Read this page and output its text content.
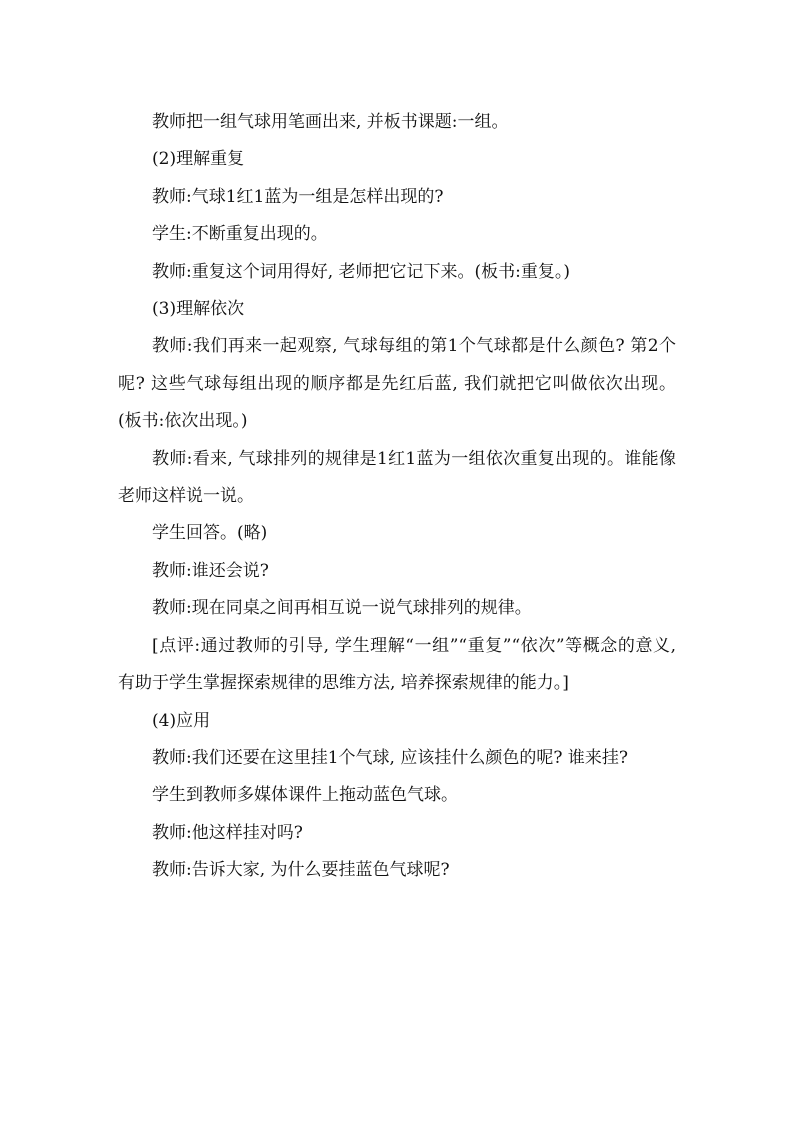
教师把一组气球用笔画出来, 并板书课题:一组。

(2)理解重复

教师:气球1红1蓝为一组是怎样出现的?

学生:不断重复出现的。

教师:重复这个词用得好, 老师把它记下来。(板书:重复。)

(3)理解依次

教师:我们再来一起观察, 气球每组的第1个气球都是什么颜色? 第2个呢? 这些气球每组出现的顺序都是先红后蓝, 我们就把它叫做依次出现。(板书:依次出现。)

教师:看来, 气球排列的规律是1红1蓝为一组依次重复出现的。谁能像老师这样说一说。

学生回答。(略)

教师:谁还会说?

教师:现在同桌之间再相互说一说气球排列的规律。

[点评:通过教师的引导, 学生理解“一组”“重复”“依次”等概念的意义, 有助于学生掌握探索规律的思维方法, 培养探索规律的能力。]

(4)应用

教师:我们还要在这里挂1个气球, 应该挂什么颜色的呢? 谁来挂?

学生到教师多媒体课件上拖动蓝色气球。

教师:他这样挂对吗?

教师:告诉大家, 为什么要挂蓝色气球呢?
